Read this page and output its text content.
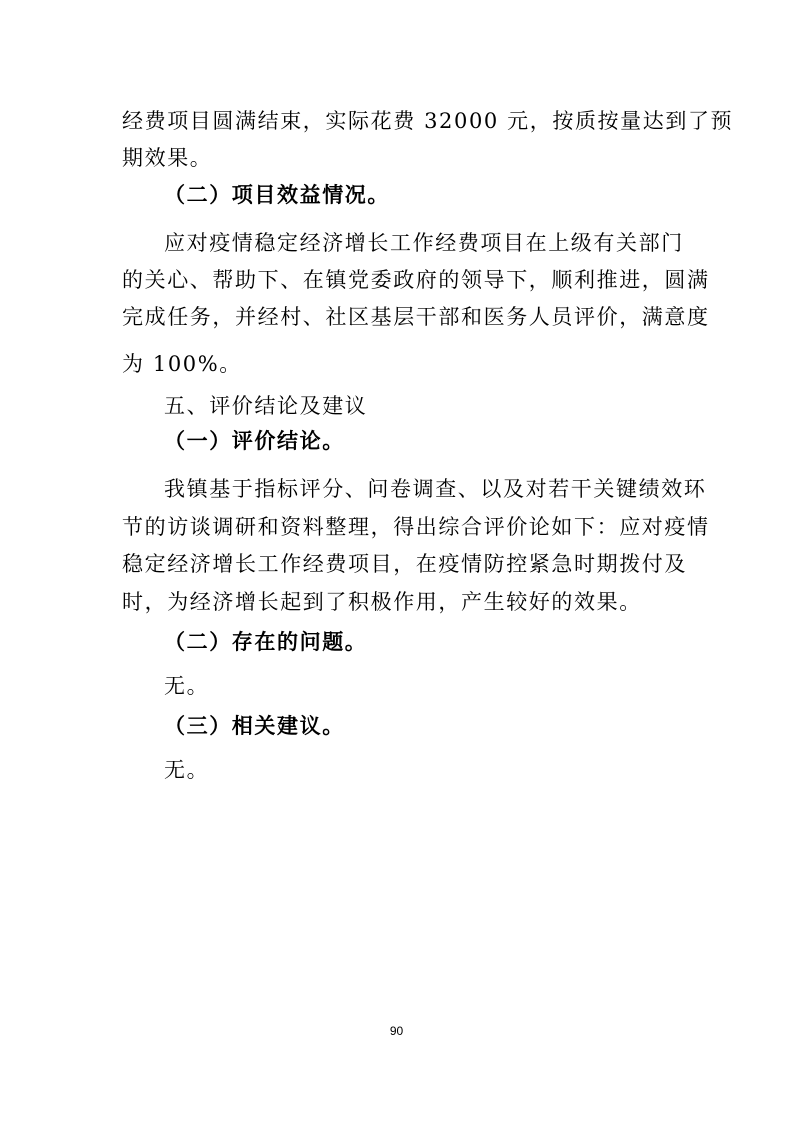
经费项目圆满结束，实际花费 32000 元，按质按量达到了预
期效果。
（二）项目效益情况。
应对疫情稳定经济增长工作经费项目在上级有关部门
的关心、帮助下、在镇党委政府的领导下，顺利推进，圆满
完成任务，并经村、社区基层干部和医务人员评价，满意度
为 100%。
五、评价结论及建议
（一）评价结论。
我镇基于指标评分、问卷调查、以及对若干关键绩效环
节的访谈调研和资料整理，得出综合评价论如下：应对疫情
稳定经济增长工作经费项目，在疫情防控紧急时期拨付及
时，为经济增长起到了积极作用，产生较好的效果。
（二）存在的问题。
无。
（三）相关建议。
无。
90
